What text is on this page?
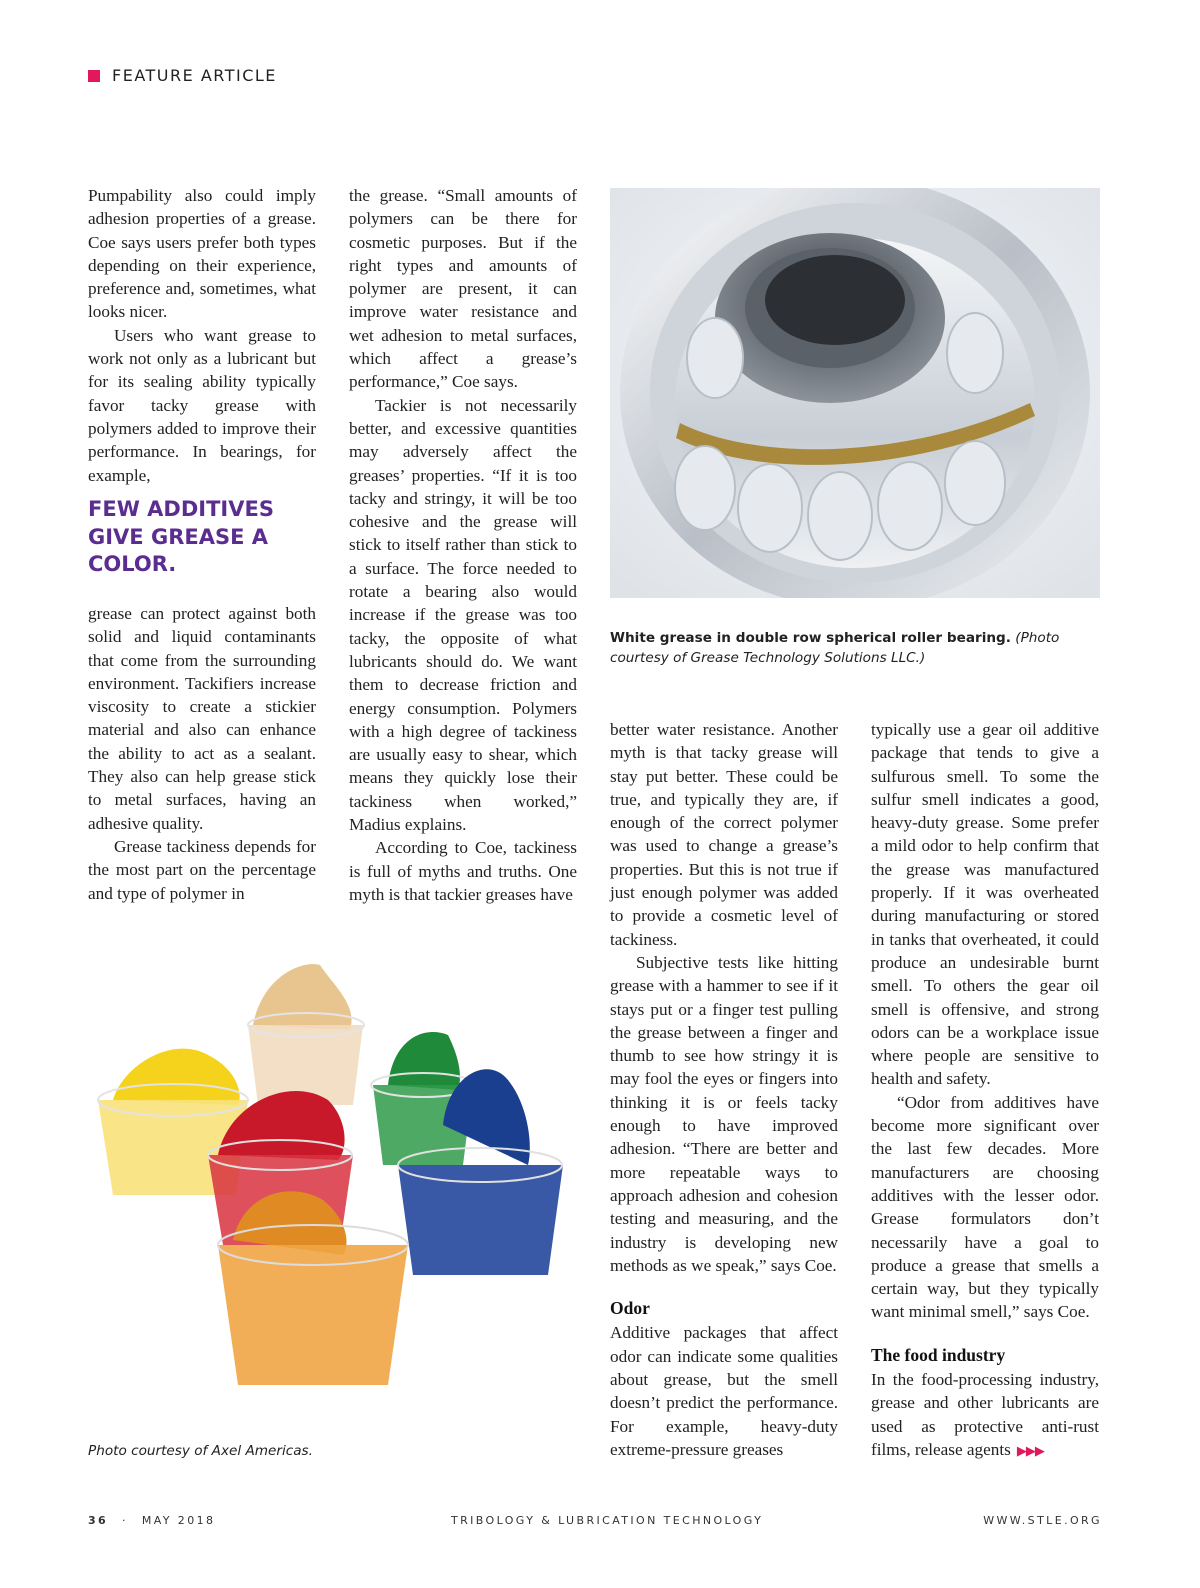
FEATURE ARTICLE

Pumpability also could imply adhesion properties of a grease. Coe says users prefer both types depending on their experience, preference and, sometimes, what looks nicer.

Users who want grease to work not only as a lubricant but for its sealing ability typically favor tacky grease with polymers added to improve their performance. In bearings, for example,

FEW ADDITIVES
GIVE GREASE A
COLOR.

grease can protect against both solid and liquid contaminants that come from the surrounding environment. Tackifiers increase viscosity to create a stickier material and also can enhance the ability to act as a sealant. They also can help grease stick to metal surfaces, having an adhesive quality.

Grease tackiness depends for the most part on the percentage and type of polymer in

the grease. “Small amounts of polymers can be there for cosmetic purposes. But if the right types and amounts of polymer are present, it can improve water resistance and wet adhesion to metal surfaces, which affect a grease’s performance,” Coe says.

Tackier is not necessarily better, and excessive quantities may adversely affect the greases’ properties. “If it is too tacky and stringy, it will be too cohesive and the grease will stick to itself rather than stick to a surface. The force needed to rotate a bearing also would increase if the grease was too tacky, the opposite of what lubricants should do. We want them to decrease friction and energy consumption. Polymers with a high degree of tackiness are usually easy to shear, which means they quickly lose their tackiness when worked,” Madius explains.

According to Coe, tackiness is full of myths and truths. One myth is that tackier greases have

White grease in double row spherical roller bearing. (Photo courtesy of Grease Technology Solutions LLC.)
Photo courtesy of Axel Americas.

better water resistance. Another myth is that tacky grease will stay put better. These could be true, and typically they are, if enough of the correct polymer was used to change a grease’s properties. But this is not true if just enough polymer was added to provide a cosmetic level of tackiness.

Subjective tests like hitting grease with a hammer to see if it stays put or a finger test pulling the grease between a finger and thumb to see how stringy it is may fool the eyes or fingers into thinking it is or feels tacky enough to have improved adhesion. “There are better and more repeatable ways to approach adhesion and cohesion testing and measuring, and the industry is developing new methods as we speak,” says Coe.

Odor

Additive packages that affect odor can indicate some qualities about grease, but the smell doesn’t predict the performance. For example, heavy-duty extreme-pressure greases

typically use a gear oil additive package that tends to give a sulfurous smell. To some the sulfur smell indicates a good, heavy-duty grease. Some prefer a mild odor to help confirm that the grease was manufactured properly. If it was overheated during manufacturing or stored in tanks that overheated, it could produce an undesirable burnt smell. To others the gear oil smell is offensive, and strong odors can be a workplace issue where people are sensitive to health and safety.

“Odor from additives have become more significant over the last few decades. More manufacturers are choosing additives with the lesser odor. Grease formulators don’t necessarily have a goal to produce a grease that smells a certain way, but they typically want minimal smell,” says Coe.

The food industry

In the food-processing industry, grease and other lubricants are used as protective anti-rust films, release agents ▶▶▶

36 · MAY 2018	TRIBOLOGY & LUBRICATION TECHNOLOGY	WWW.STLE.ORG
